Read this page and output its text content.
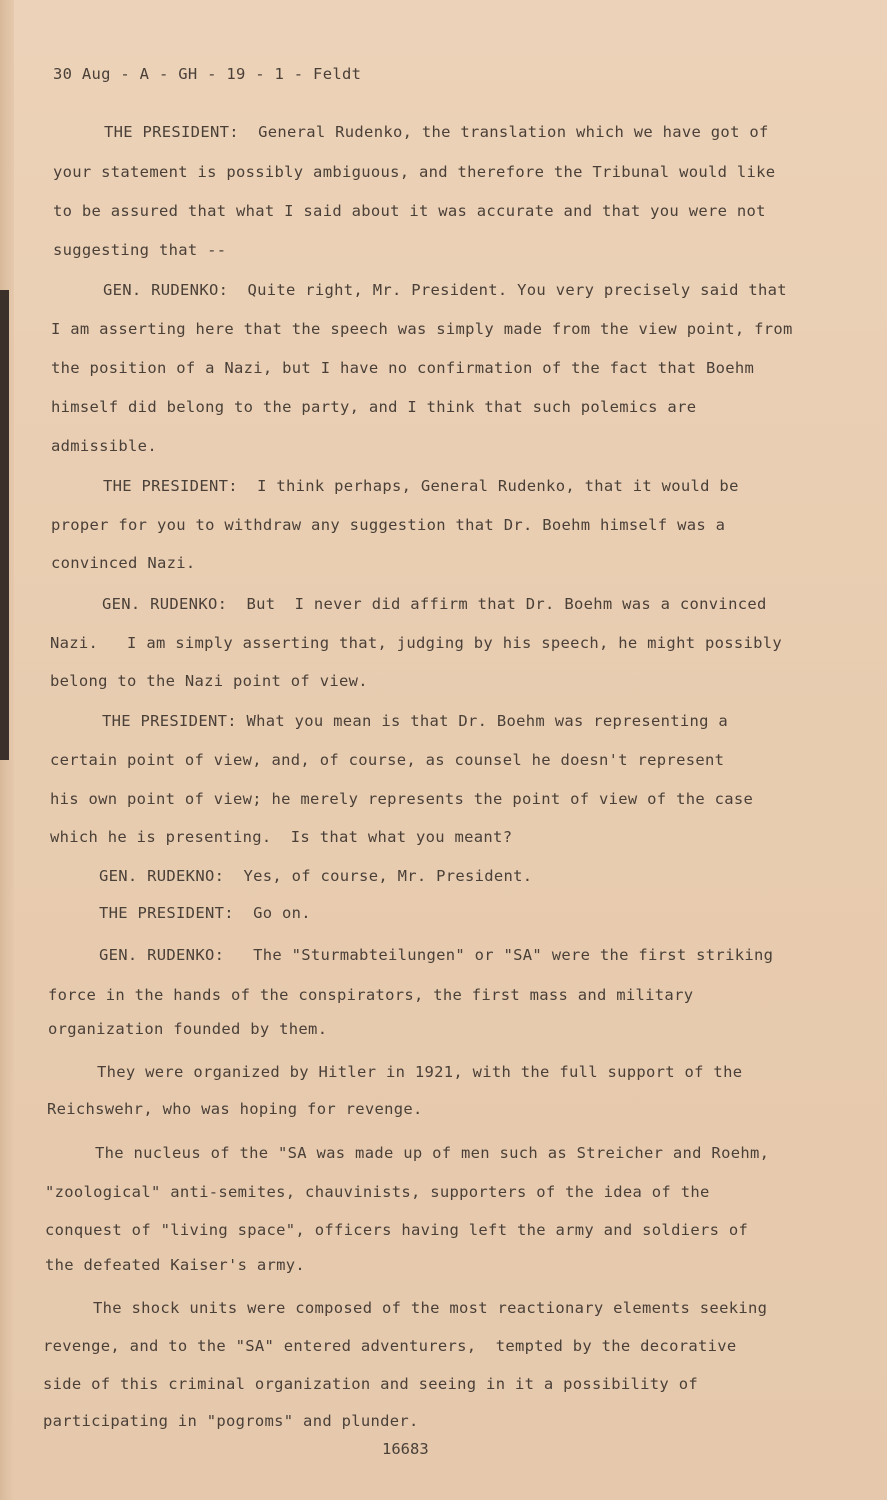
30 Aug - A - GH - 19 - 1 - Feldt
THE PRESIDENT:  General Rudenko, the translation which we have got of
your statement is possibly ambiguous, and therefore the Tribunal would like
to be assured that what I said about it was accurate and that you were not
suggesting that --
GEN. RUDENKO:  Quite right, Mr. President. You very precisely said that
I am asserting here that the speech was simply made from the view point, from
the position of a Nazi, but I have no confirmation of the fact that Boehm
himself did belong to the party, and I think that such polemics are
admissible.
THE PRESIDENT:  I think perhaps, General Rudenko, that it would be
proper for you to withdraw any suggestion that Dr. Boehm himself was a
convinced Nazi.
GEN. RUDENKO:  But  I never did affirm that Dr. Boehm was a convinced
Nazi.   I am simply asserting that, judging by his speech, he might possibly
belong to the Nazi point of view.
THE PRESIDENT: What you mean is that Dr. Boehm was representing a
certain point of view, and, of course, as counsel he doesn't represent
his own point of view; he merely represents the point of view of the case
which he is presenting.  Is that what you meant?
GEN. RUDEKNO:  Yes, of course, Mr. President.
THE PRESIDENT:  Go on.
GEN. RUDENKO:   The "Sturmabteilungen" or "SA" were the first striking
force in the hands of the conspirators, the first mass and military
organization founded by them.
They were organized by Hitler in 1921, with the full support of the
Reichswehr, who was hoping for revenge.
The nucleus of the "SA was made up of men such as Streicher and Roehm,
"zoological" anti-semites, chauvinists, supporters of the idea of the
conquest of "living space", officers having left the army and soldiers of
the defeated Kaiser's army.
The shock units were composed of the most reactionary elements seeking
revenge, and to the "SA" entered adventurers,  tempted by the decorative
side of this criminal organization and seeing in it a possibility of
participating in "pogroms" and plunder.
16683
